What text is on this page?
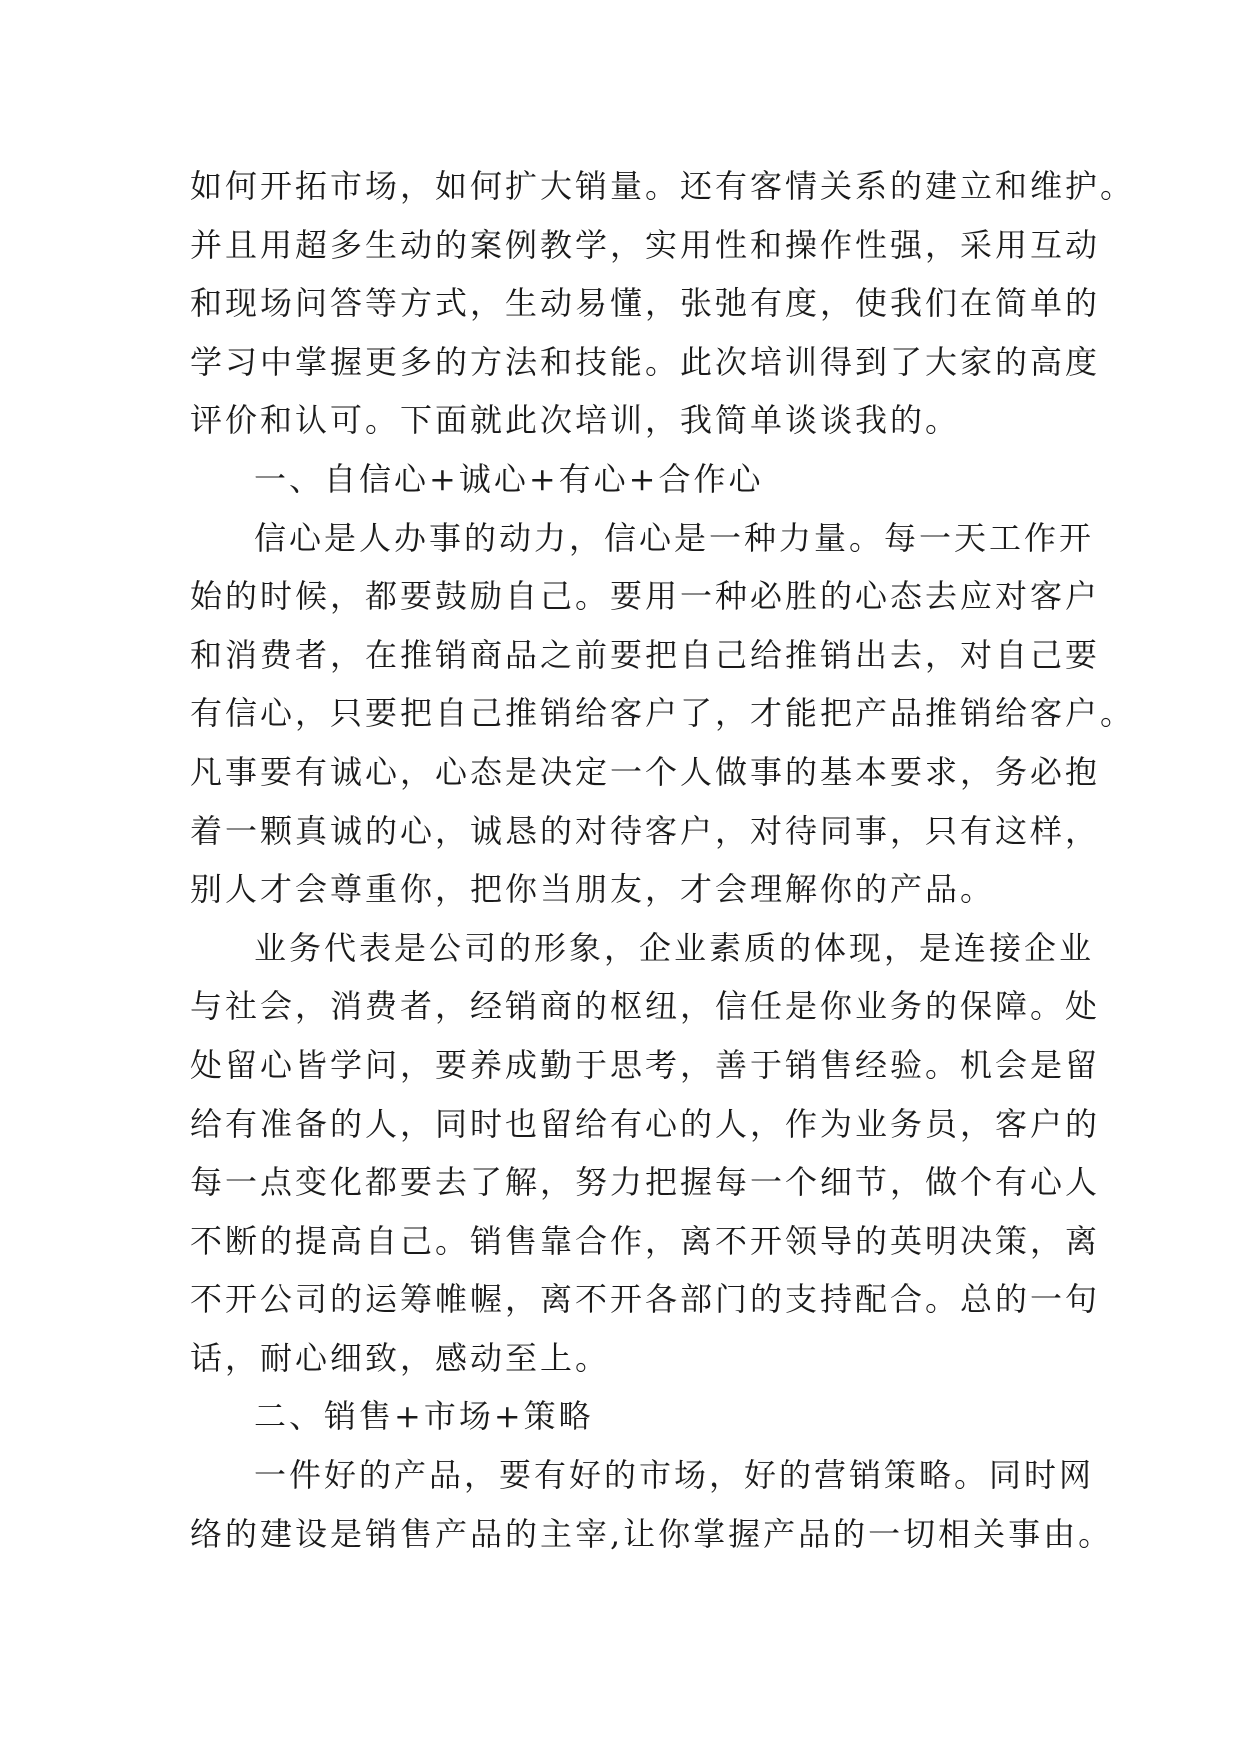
如何开拓市场，如何扩大销量。还有客情关系的建立和维护。
并且用超多生动的案例教学，实用性和操作性强，采用互动
和现场问答等方式，生动易懂，张弛有度，使我们在简单的
学习中掌握更多的方法和技能。此次培训得到了大家的高度
评价和认可。下面就此次培训，我简单谈谈我的。

一、自信心+诚心+有心+合作心

信心是人办事的动力，信心是一种力量。每一天工作开
始的时候，都要鼓励自己。要用一种必胜的心态去应对客户
和消费者，在推销商品之前要把自己给推销出去，对自己要
有信心，只要把自己推销给客户了，才能把产品推销给客户。
凡事要有诚心，心态是决定一个人做事的基本要求，务必抱
着一颗真诚的心，诚恳的对待客户，对待同事，只有这样，
别人才会尊重你，把你当朋友，才会理解你的产品。

业务代表是公司的形象，企业素质的体现，是连接企业
与社会，消费者，经销商的枢纽，信任是你业务的保障。处
处留心皆学问，要养成勤于思考，善于销售经验。机会是留
给有准备的人，同时也留给有心的人，作为业务员，客户的
每一点变化都要去了解，努力把握每一个细节，做个有心人
不断的提高自己。销售靠合作，离不开领导的英明决策，离
不开公司的运筹帷幄，离不开各部门的支持配合。总的一句
话，耐心细致，感动至上。

二、销售+市场+策略

一件好的产品，要有好的市场，好的营销策略。同时网
络的建设是销售产品的主宰,让你掌握产品的一切相关事由。
